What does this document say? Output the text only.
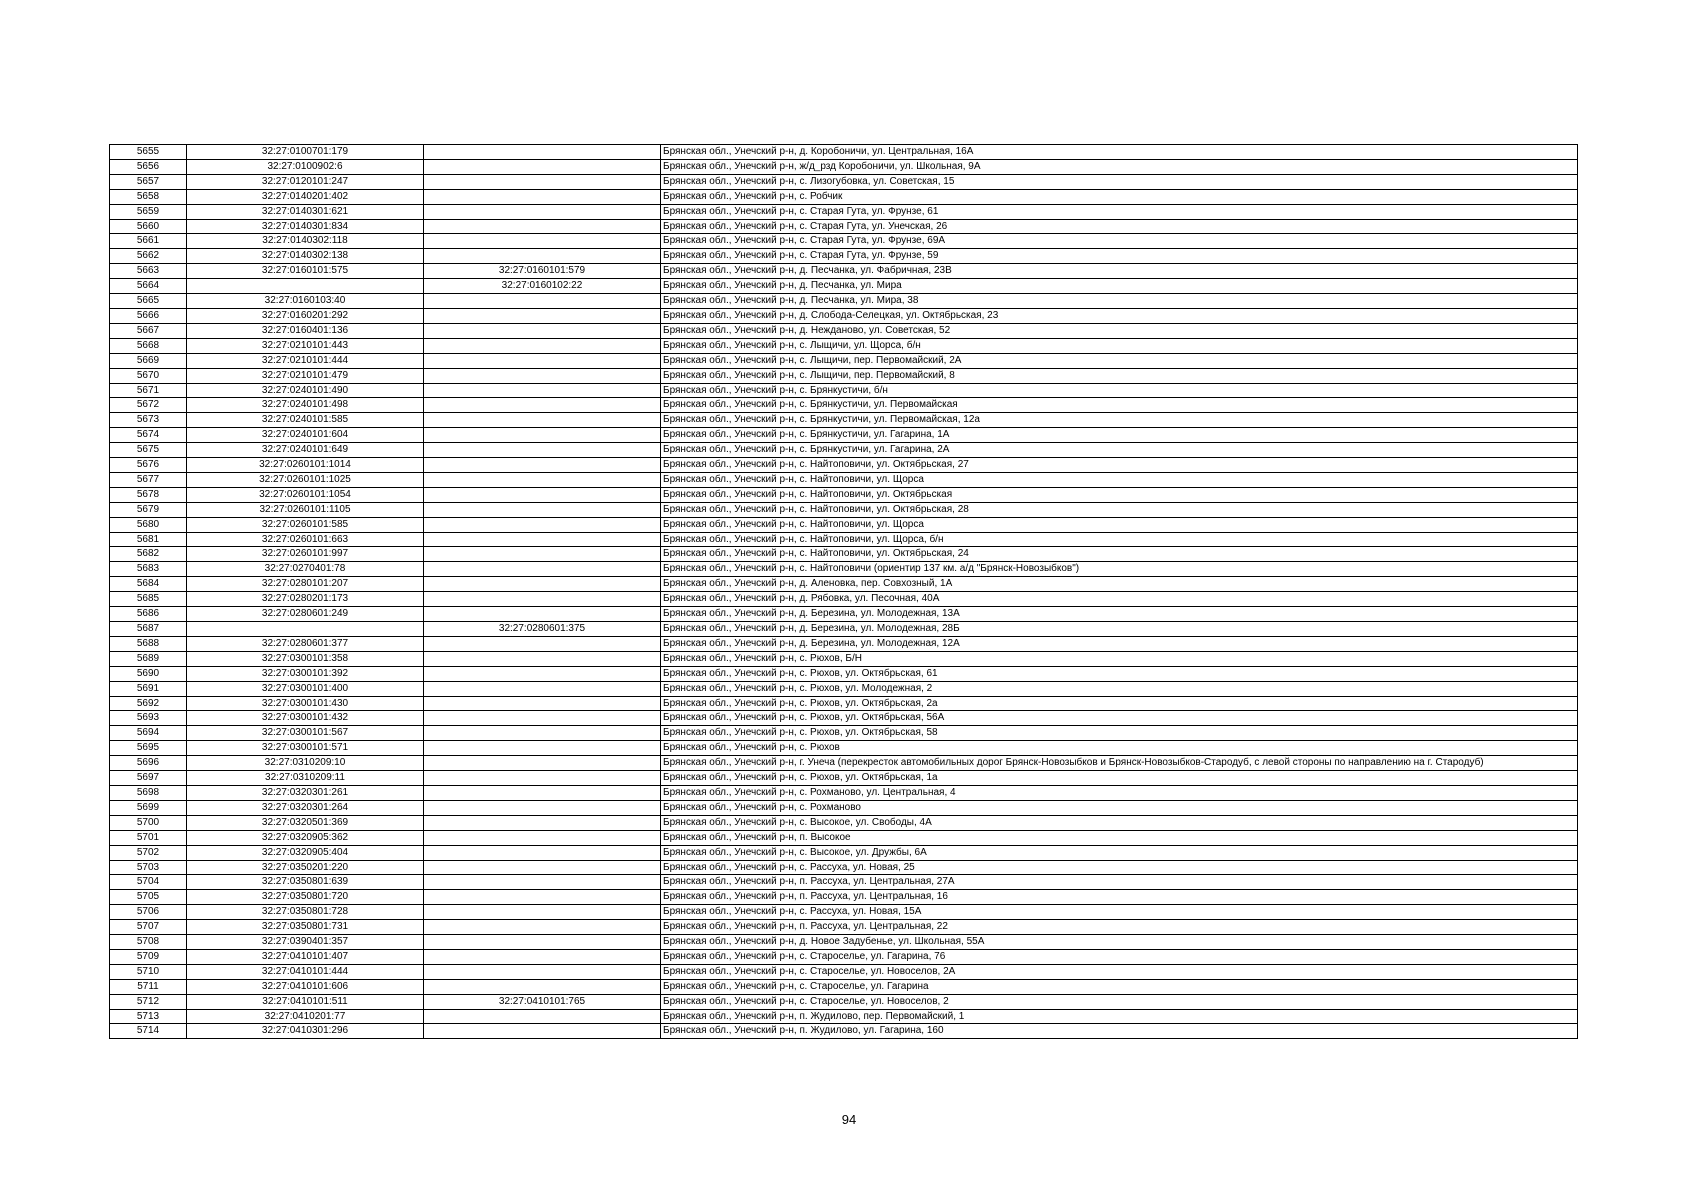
5655	32:27:0100701:179		Брянская обл., Унечский р-н, д. Коробоничи, ул. Центральная, 16А
5656	32:27:0100902:6		Брянская обл., Унечский р-н, ж/д_рзд Коробоничи, ул. Школьная, 9А
5657	32:27:0120101:247		Брянская обл., Унечский р-н, с. Лизогубовка, ул. Советская, 15
5658	32:27:0140201:402		Брянская обл., Унечский р-н, с. Робчик
5659	32:27:0140301:621		Брянская обл., Унечский р-н, с. Старая Гута, ул. Фрунзе, 61
5660	32:27:0140301:834		Брянская обл., Унечский р-н, с. Старая Гута, ул. Унечская, 26
5661	32:27:0140302:118		Брянская обл., Унечский р-н, с. Старая Гута, ул. Фрунзе, 69А
5662	32:27:0140302:138		Брянская обл., Унечский р-н, с. Старая Гута, ул. Фрунзе, 59
5663	32:27:0160101:575	32:27:0160101:579	Брянская обл., Унечский р-н, д. Песчанка, ул. Фабричная, 23В
5664		32:27:0160102:22	Брянская обл., Унечский р-н, д. Песчанка, ул. Мира
5665	32:27:0160103:40		Брянская обл., Унечский р-н, д. Песчанка, ул. Мира, 38
5666	32:27:0160201:292		Брянская обл., Унечский р-н, д. Слобода-Селецкая, ул. Октябрьская, 23
5667	32:27:0160401:136		Брянская обл., Унечский р-н, д. Нежданово, ул. Советская, 52
5668	32:27:0210101:443		Брянская обл., Унечский р-н, с. Лыщичи, ул. Щорса, б/н
5669	32:27:0210101:444		Брянская обл., Унечский р-н, с. Лыщичи, пер. Первомайский, 2А
5670	32:27:0210101:479		Брянская обл., Унечский р-н, с. Лыщичи, пер. Первомайский, 8
5671	32:27:0240101:490		Брянская обл., Унечский р-н, с. Брянкустичи, б/н
5672	32:27:0240101:498		Брянская обл., Унечский р-н, с. Брянкустичи, ул. Первомайская
5673	32:27:0240101:585		Брянская обл., Унечский р-н, с. Брянкустичи, ул. Первомайская, 12а
5674	32:27:0240101:604		Брянская обл., Унечский р-н, с. Брянкустичи, ул. Гагарина, 1А
5675	32:27:0240101:649		Брянская обл., Унечский р-н, с. Брянкустичи, ул. Гагарина, 2А
5676	32:27:0260101:1014		Брянская обл., Унечский р-н, с. Найтоповичи, ул. Октябрьская, 27
5677	32:27:0260101:1025		Брянская обл., Унечский р-н, с. Найтоповичи, ул. Щорса
5678	32:27:0260101:1054		Брянская обл., Унечский р-н, с. Найтоповичи, ул. Октябрьская
5679	32:27:0260101:1105		Брянская обл., Унечский р-н, с. Найтоповичи, ул. Октябрьская, 28
5680	32:27:0260101:585		Брянская обл., Унечский р-н, с. Найтоповичи, ул. Щорса
5681	32:27:0260101:663		Брянская обл., Унечский р-н, с. Найтоповичи, ул. Щорса, б/н
5682	32:27:0260101:997		Брянская обл., Унечский р-н, с. Найтоповичи, ул. Октябрьская, 24
5683	32:27:0270401:78		Брянская обл., Унечский р-н, с. Найтоповичи (ориентир 137 км. а/д "Брянск-Новозыбков")
5684	32:27:0280101:207		Брянская обл., Унечский р-н, д. Аленовка, пер. Совхозный, 1А
5685	32:27:0280201:173		Брянская обл., Унечский р-н, д. Рябовка, ул. Песочная, 40А
5686	32:27:0280601:249		Брянская обл., Унечский р-н, д. Березина, ул. Молодежная, 13А
5687		32:27:0280601:375	Брянская обл., Унечский р-н, д. Березина, ул. Молодежная, 28Б
5688	32:27:0280601:377		Брянская обл., Унечский р-н, д. Березина, ул. Молодежная, 12А
5689	32:27:0300101:358		Брянская обл., Унечский р-н, с. Рюхов, Б/Н
5690	32:27:0300101:392		Брянская обл., Унечский р-н, с. Рюхов, ул. Октябрьская, 61
5691	32:27:0300101:400		Брянская обл., Унечский р-н, с. Рюхов, ул. Молодежная, 2
5692	32:27:0300101:430		Брянская обл., Унечский р-н, с. Рюхов, ул. Октябрьская, 2а
5693	32:27:0300101:432		Брянская обл., Унечский р-н, с. Рюхов, ул. Октябрьская, 56А
5694	32:27:0300101:567		Брянская обл., Унечский р-н, с. Рюхов, ул. Октябрьская, 58
5695	32:27:0300101:571		Брянская обл., Унечский р-н, с. Рюхов
5696	32:27:0310209:10		Брянская обл., Унечский р-н, г. Унеча (перекресток автомобильных дорог Брянск-Новозыбков и Брянск-Новозыбков-Стародуб, с левой стороны по направлению на г. Стародуб)
5697	32:27:0310209:11		Брянская обл., Унечский р-н, с. Рюхов, ул. Октябрьская, 1а
5698	32:27:0320301:261		Брянская обл., Унечский р-н, с. Рохманово, ул. Центральная, 4
5699	32:27:0320301:264		Брянская обл., Унечский р-н, с. Рохманово
5700	32:27:0320501:369		Брянская обл., Унечский р-н, с. Высокое, ул. Свободы, 4А
5701	32:27:0320905:362		Брянская обл., Унечский р-н, п. Высокое
5702	32:27:0320905:404		Брянская обл., Унечский р-н, с. Высокое, ул. Дружбы, 6А
5703	32:27:0350201:220		Брянская обл., Унечский р-н, с. Рассуха, ул. Новая, 25
5704	32:27:0350801:639		Брянская обл., Унечский р-н, п. Рассуха, ул. Центральная, 27А
5705	32:27:0350801:720		Брянская обл., Унечский р-н, п. Рассуха, ул. Центральная, 16
5706	32:27:0350801:728		Брянская обл., Унечский р-н, с. Рассуха, ул. Новая, 15А
5707	32:27:0350801:731		Брянская обл., Унечский р-н, п. Рассуха, ул. Центральная, 22
5708	32:27:0390401:357		Брянская обл., Унечский р-н, д. Новое Задубенье, ул. Школьная, 55А
5709	32:27:0410101:407		Брянская обл., Унечский р-н, с. Староселье, ул. Гагарина, 76
5710	32:27:0410101:444		Брянская обл., Унечский р-н, с. Староселье, ул. Новоселов, 2А
5711	32:27:0410101:606		Брянская обл., Унечский р-н, с. Староселье, ул. Гагарина
5712	32:27:0410101:511	32:27:0410101:765	Брянская обл., Унечский р-н, с. Староселье, ул. Новоселов, 2
5713	32:27:0410201:77		Брянская обл., Унечский р-н, п. Жудилово, пер. Первомайский, 1
5714	32:27:0410301:296		Брянская обл., Унечский р-н, п. Жудилово, ул. Гагарина, 160
94
